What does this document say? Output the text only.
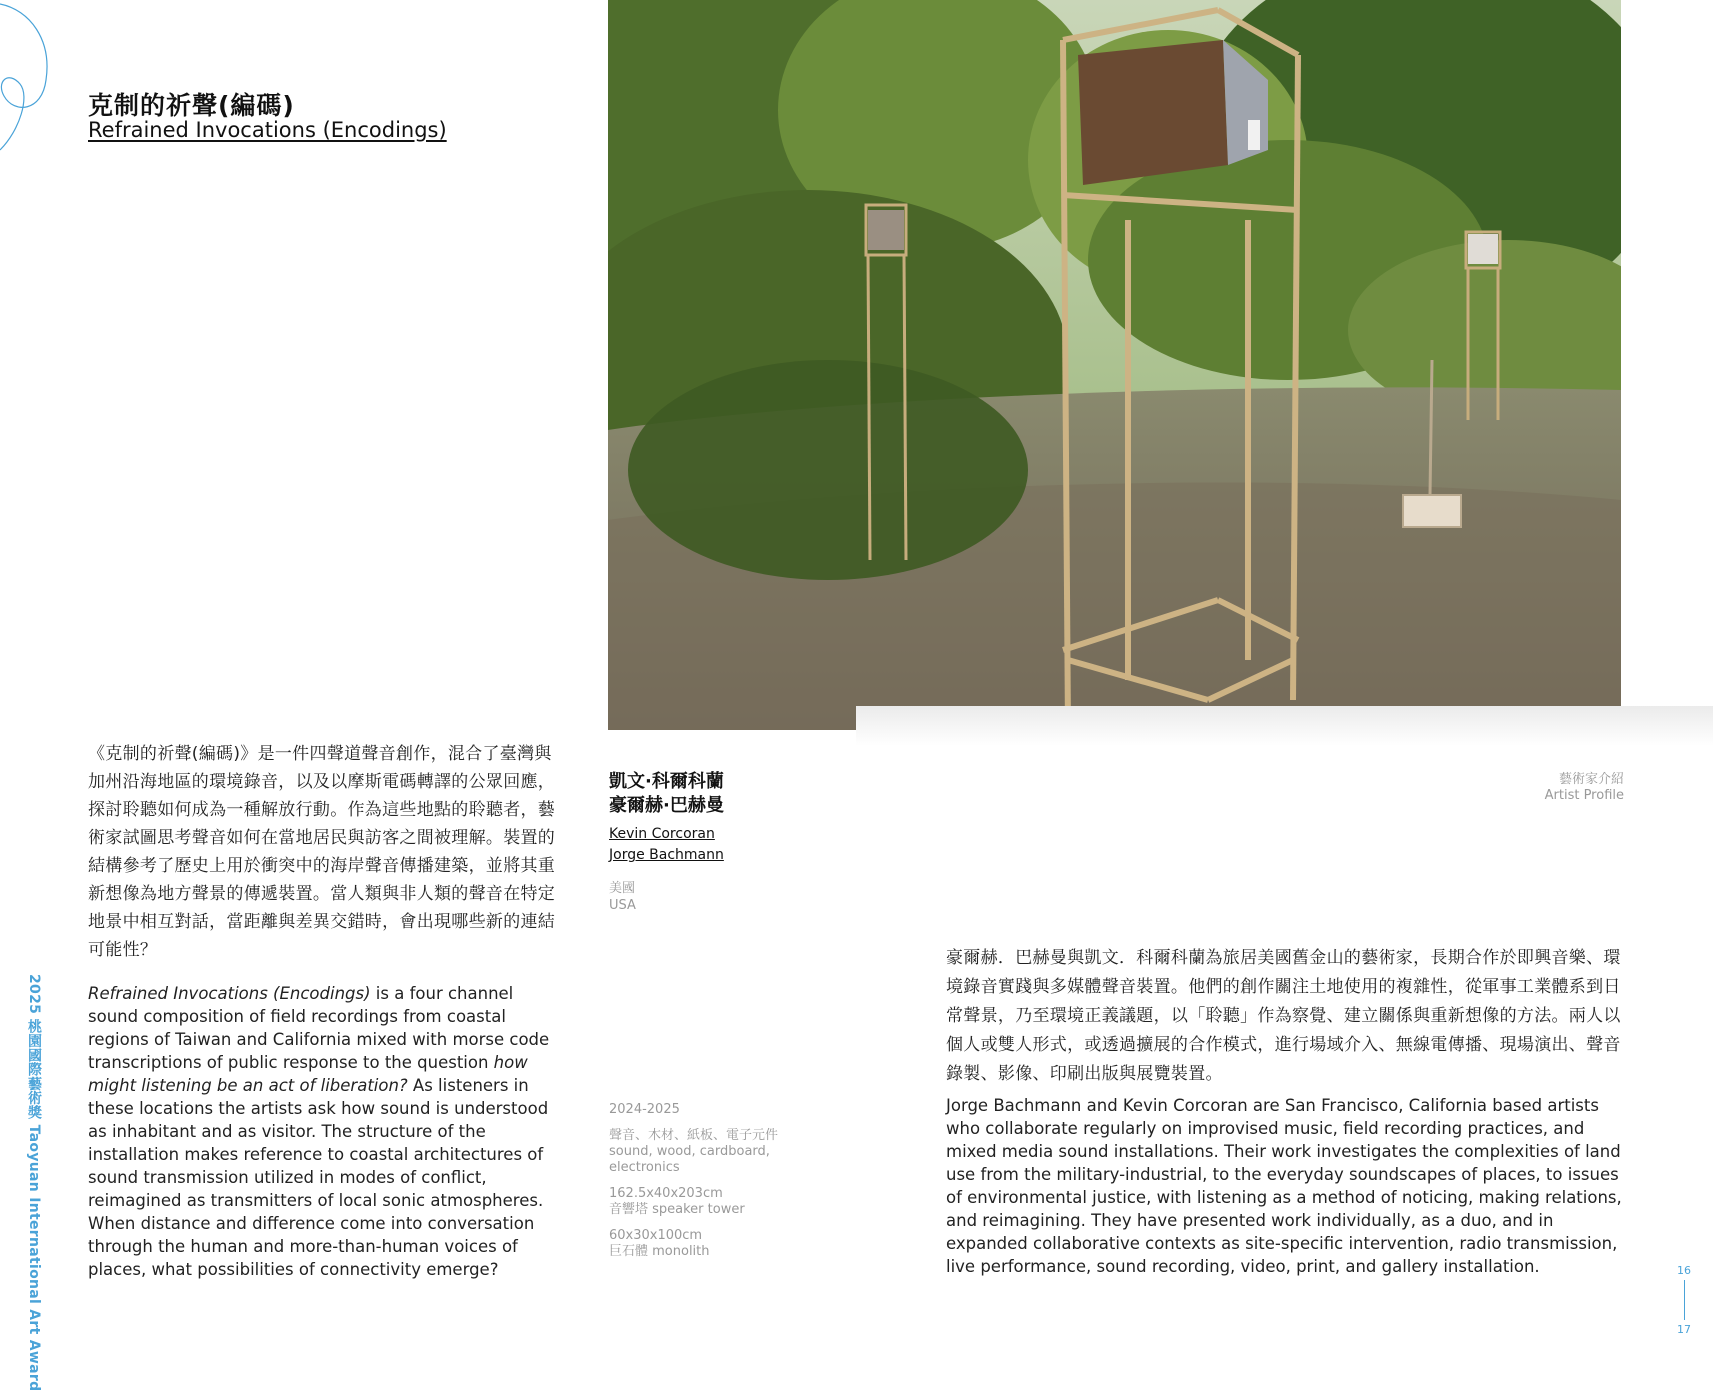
克制的祈聲(編碼)
Refrained Invocations (Encodings)
《克制的祈聲(編碼)》是一件四聲道聲音創作，混合了臺灣與加州沿海地區的環境錄音，以及以摩斯電碼轉譯的公眾回應，探討聆聽如何成為一種解放行動。作為這些地點的聆聽者，藝術家試圖思考聲音如何在當地居民與訪客之間被理解。裝置的結構參考了歷史上用於衝突中的海岸聲音傳播建築，並將其重新想像為地方聲景的傳遞裝置。當人類與非人類的聲音在特定地景中相互對話，當距離與差異交錯時，會出現哪些新的連結可能性？
Refrained Invocations (Encodings) is a four channel sound composition of field recordings from coastal regions of Taiwan and California mixed with morse code transcriptions of public response to the question how might listening be an act of liberation? As listeners in these locations the artists ask how sound is understood as inhabitant and as visitor. The structure of the installation makes reference to coastal architectures of sound transmission utilized in modes of conflict, reimagined as transmitters of local sonic atmospheres. When distance and difference come into conversation through the human and more-than-human voices of places, what possibilities of connectivity emerge?
凱文·科爾科蘭
豪爾赫·巴赫曼
Kevin Corcoran
Jorge Bachmann
美國
USA
藝術家介紹
Artist Profile
2024-2025
聲音、木材、紙板、電子元件
sound, wood, cardboard, electronics
162.5x40x203cm
音響塔 speaker tower
60x30x100cm
巨石體 monolith
豪爾赫．巴赫曼與凱文．科爾科蘭為旅居美國舊金山的藝術家，長期合作於即興音樂、環境錄音實踐與多媒體聲音裝置。他們的創作關注土地使用的複雜性，從軍事工業體系到日常聲景，乃至環境正義議題，以「聆聽」作為察覺、建立關係與重新想像的方法。兩人以個人或雙人形式，或透過擴展的合作模式，進行場域介入、無線電傳播、現場演出、聲音錄製、影像、印刷出版與展覽裝置。
Jorge Bachmann and Kevin Corcoran are San Francisco, California based artists who collaborate regularly on improvised music, field recording practices, and mixed media sound installations. Their work investigates the complexities of land use from the military-industrial, to the everyday soundscapes of places, to issues of environmental justice, with listening as a method of noticing, making relations, and reimagining. They have presented work individually, as a duo, and in expanded collaborative contexts as site-specific intervention, radio transmission, live performance, sound recording, video, print, and gallery installation.
2025 桃園國際藝術獎 Taoyuan International Art Award	16
17
